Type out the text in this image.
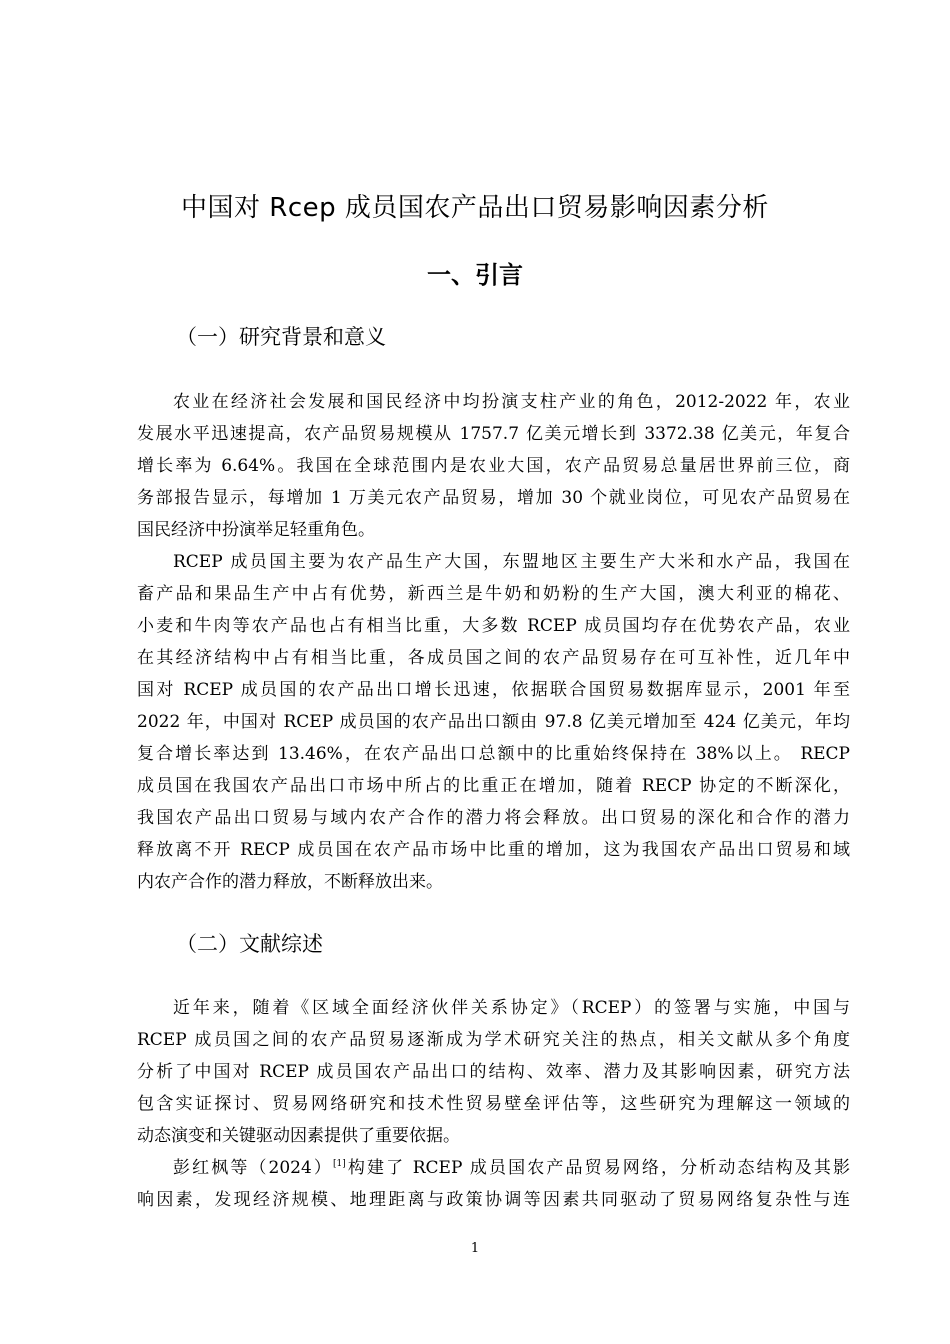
中国对 Rcep 成员国农产品出口贸易影响因素分析
一、引言
（一）研究背景和意义
农业在经济社会发展和国民经济中均扮演支柱产业的角色，2012-2022 年，农业
发展水平迅速提高，农产品贸易规模从 1757.7 亿美元增长到 3372.38 亿美元，年复合
增长率为 6.64%。我国在全球范围内是农业大国，农产品贸易总量居世界前三位，商
务部报告显示，每增加 1 万美元农产品贸易，增加 30 个就业岗位，可见农产品贸易在
国民经济中扮演举足轻重角色。
RCEP 成员国主要为农产品生产大国，东盟地区主要生产大米和水产品，我国在
畜产品和果品生产中占有优势，新西兰是牛奶和奶粉的生产大国，澳大利亚的棉花、
小麦和牛肉等农产品也占有相当比重，大多数 RCEP 成员国均存在优势农产品，农业
在其经济结构中占有相当比重，各成员国之间的农产品贸易存在可互补性，近几年中
国对 RCEP 成员国的农产品出口增长迅速，依据联合国贸易数据库显示，2001 年至
2022 年，中国对 RCEP 成员国的农产品出口额由 97.8 亿美元增加至 424 亿美元，年均
复合增长率达到 13.46%，在农产品出口总额中的比重始终保持在 38%以上。 RECP
成员国在我国农产品出口市场中所占的比重正在增加，随着 RECP 协定的不断深化，
我国农产品出口贸易与域内农产合作的潜力将会释放。出口贸易的深化和合作的潜力
释放离不开 RECP 成员国在农产品市场中比重的增加，这为我国农产品出口贸易和域
内农产合作的潜力释放，不断释放出来。
（二）文献综述
近年来，随着《区域全面经济伙伴关系协定》（RCEP）的签署与实施，中国与
RCEP 成员国之间的农产品贸易逐渐成为学术研究关注的热点，相关文献从多个角度
分析了中国对 RCEP 成员国农产品出口的结构、效率、潜力及其影响因素，研究方法
包含实证探讨、贸易网络研究和技术性贸易壁垒评估等，这些研究为理解这一领域的
动态演变和关键驱动因素提供了重要依据。
彭红枫等（2024）[1]构建了 RCEP 成员国农产品贸易网络，分析动态结构及其影
响因素，发现经济规模、地理距离与政策协调等因素共同驱动了贸易网络复杂性与连
1
